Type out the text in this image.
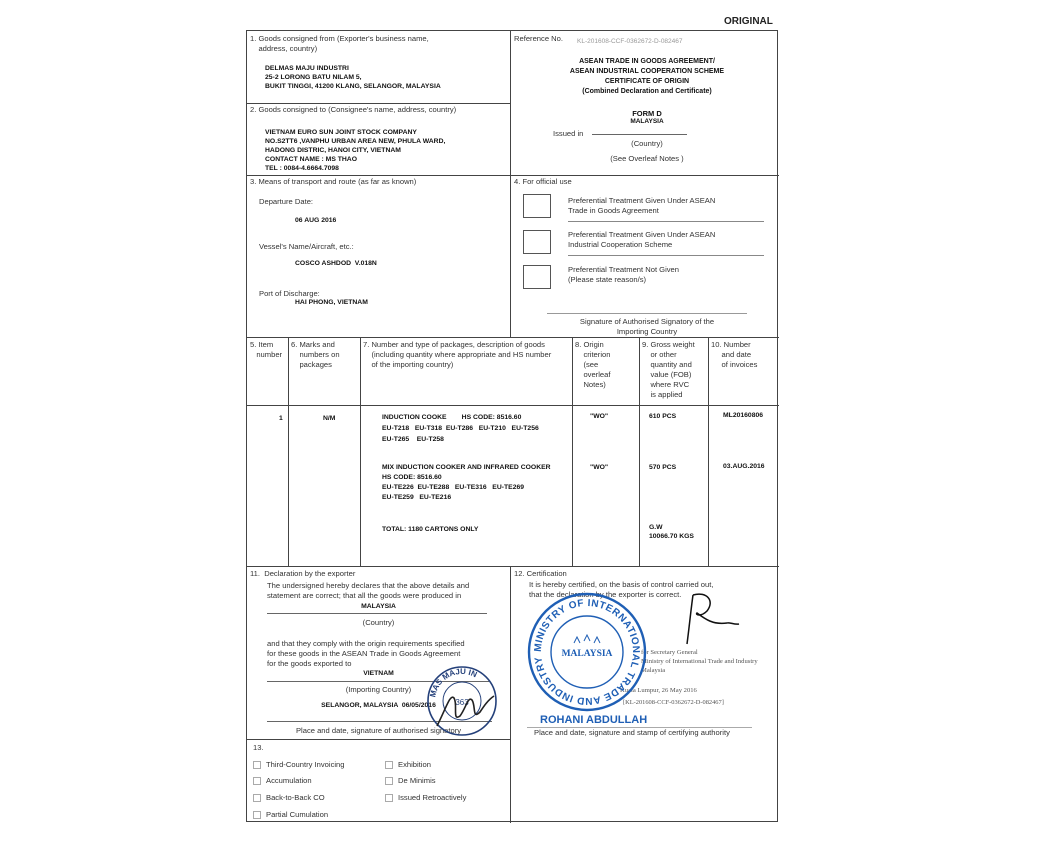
ORIGINAL
1. Goods consigned from (Exporter's business name,
address, country)
DELMAS MAJU INDUSTRI
25-2 LORONG BATU NILAM 5,
BUKIT TINGGI, 41200 KLANG, SELANGOR, MALAYSIA
Reference No. KL-201608-CCF-0362672-D-082467
ASEAN TRADE IN GOODS AGREEMENT/
ASEAN INDUSTRIAL COOPERATION SCHEME
CERTIFICATE OF ORIGIN
(Combined Declaration and Certificate)
FORM D
MALAYSIA
Issued in
(Country)
(See Overleaf Notes )
2. Goods consigned to (Consignee's name, address, country)
VIETNAM EURO SUN JOINT STOCK COMPANY
NO.S2TT6 ,VANPHU URBAN AREA NEW, PHULA WARD,
HADONG DISTRIC, HANOI CITY, VIETNAM
CONTACT NAME : MS THAO
TEL : 0084-4.6664.7098
3. Means of transport and route (as far as known)
Departure Date:
06 AUG 2016
Vessel's Name/Aircraft, etc.:
COSCO ASHDOD  V.018N
Port of Discharge:
HAI PHONG, VIETNAM
4. For official use
Preferential Treatment Given Under ASEAN
Trade in Goods Agreement
Preferential Treatment Given Under ASEAN
Industrial Cooperation Scheme
Preferential Treatment Not Given
(Please state reason/s)
Signature of Authorised Signatory of the
Importing Country
5. Item
number
6. Marks and
numbers on
packages
7. Number and type of packages, description of goods
(including quantity where appropriate and HS number
of the importing country)
8. Origin
criterion
(see
overleaf
Notes)
9. Gross weight
or other
quantity and
value (FOB)
where RVC
is applied
10. Number
and date
of invoices
1	N/M	INDUCTION COOKE        HS CODE: 8516.60
EU-T218   EU-T318  EU-T286   EU-T210   EU-T256
EU-T265    EU-T258
MIX INDUCTION COOKER AND INFRARED COOKER
HS CODE: 8516.60
EU-TE226  EU-TE288   EU-TE316   EU-TE269
EU-TE259   EU-TE216
TOTAL: 1180 CARTONS ONLY
"WO"
"WO"
610 PCS
570 PCS
G.W
10066.70 KGS
ML20160806
03.AUG.2016
11.  Declaration by the exporter
The undersigned hereby declares that the above details and
statement are correct; that all the goods were produced in
MALAYSIA
(Country)
and that they comply with the origin requirements specified
for these goods in the ASEAN Trade in Goods Agreement
for the goods exported to
VIETNAM
(Importing Country)
SELANGOR, MALAYSIA  06/05/2016
Place and date, signature of authorised signatory
MAS MAJU IN
363
12. Certification
It is hereby certified, on the basis of control carried out,
that the declaration by the exporter is correct.
for Secretary General
Ministry of International Trade and Industry
Malaysia
Kuala Lumpur, 26 May 2016
[KL-201608-CCF-0362672-D-082467]
ROHANI ABDULLAH
Place and date, signature and stamp of certifying authority
MINISTRY OF INTERNATIONAL TRADE AND INDUSTRY
MALAYSIA
13.
Third-Country Invoicing
Accumulation
Back-to-Back CO
Partial Cumulation
Exhibition
De Minimis
Issued Retroactively
